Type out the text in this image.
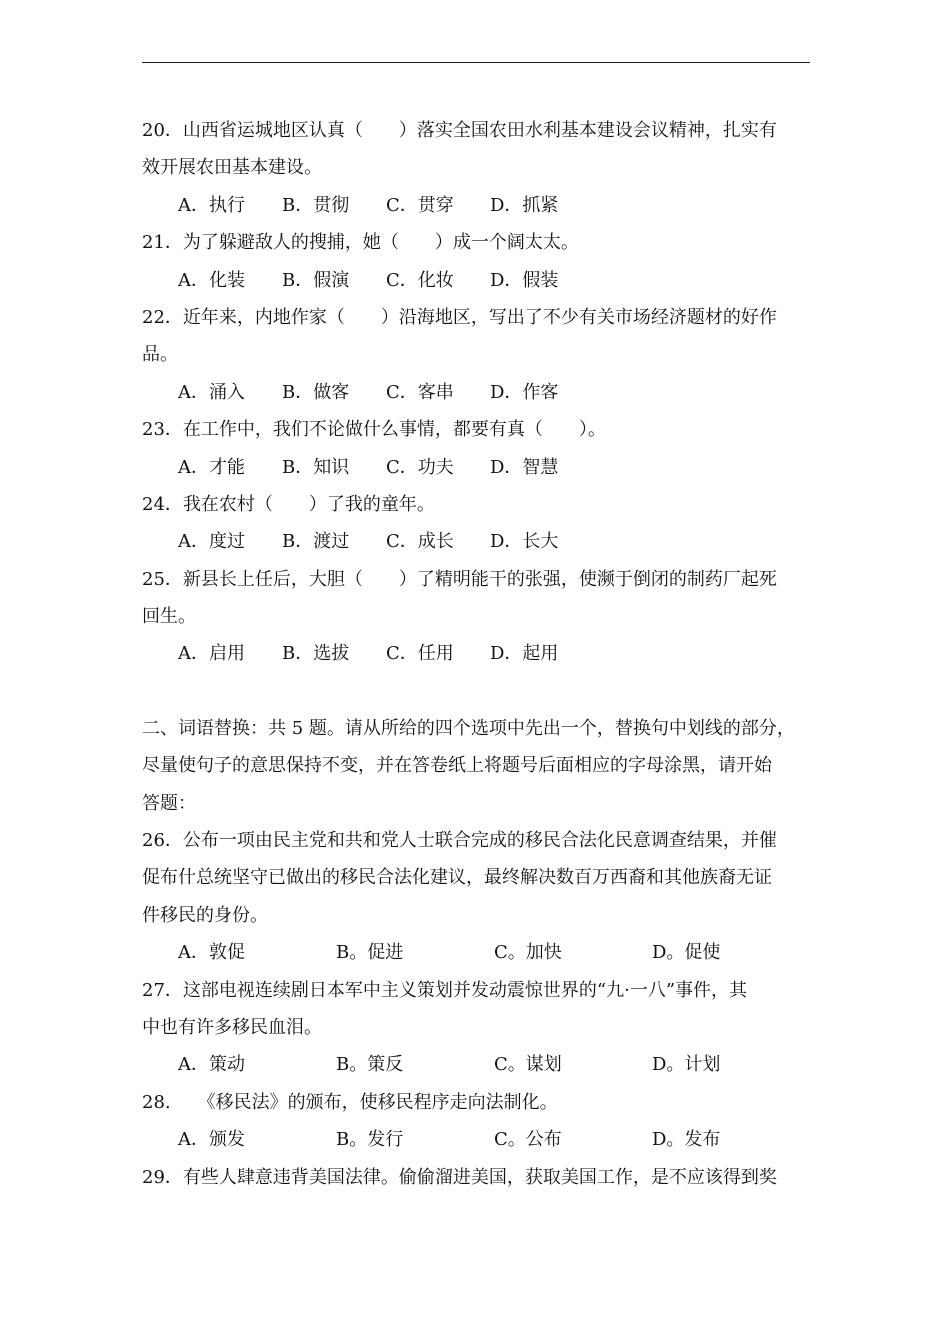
20．山西省运城地区认真（　　）落实全国农田水利基本建设会议精神，扎实有

效开展农田基本建设。

A．执行	B．贯彻	C．贯穿	D．抓紧

21．为了躲避敌人的搜捕，她（　　）成一个阔太太。

A．化装	B．假演	C．化妆	D．假装

22．近年来，内地作家（　　）沿海地区，写出了不少有关市场经济题材的好作

品。

A．涌入	B．做客	C．客串	D．作客

23．在工作中，我们不论做什么事情，都要有真（　　）。

A．才能	B．知识	C．功夫	D．智慧

24．我在农村（　　）了我的童年。

A．度过	B．渡过	C．成长	D．长大

25．新县长上任后，大胆（　　）了精明能干的张强，使濒于倒闭的制药厂起死

回生。

A．启用	B．选拔	C．任用	D．起用

二、词语替换：共 5 题。请从所给的四个选项中先出一个，替换句中划线的部分，

尽量使句子的意思保持不变，并在答卷纸上将题号后面相应的字母涂黑，请开始

答题：

26．公布一项由民主党和共和党人士联合完成的移民合法化民意调查结果，并催

促布什总统坚守已做出的移民合法化建议，最终解决数百万西裔和其他族裔无证

件移民的身份。

A．敦促	B。促进	C。加快	D。促使

27．这部电视连续剧日本军中主义策划并发动震惊世界的“九·一八”事件，其

中也有许多移民血泪。

A．策动	B。策反	C。谋划	D。计划

28.　　《移民法》的颁布，使移民程序走向法制化。

A．颁发	B。发行	C。公布	D。发布

29．有些人肆意违背美国法律。偷偷溜进美国，获取美国工作，是不应该得到奖
